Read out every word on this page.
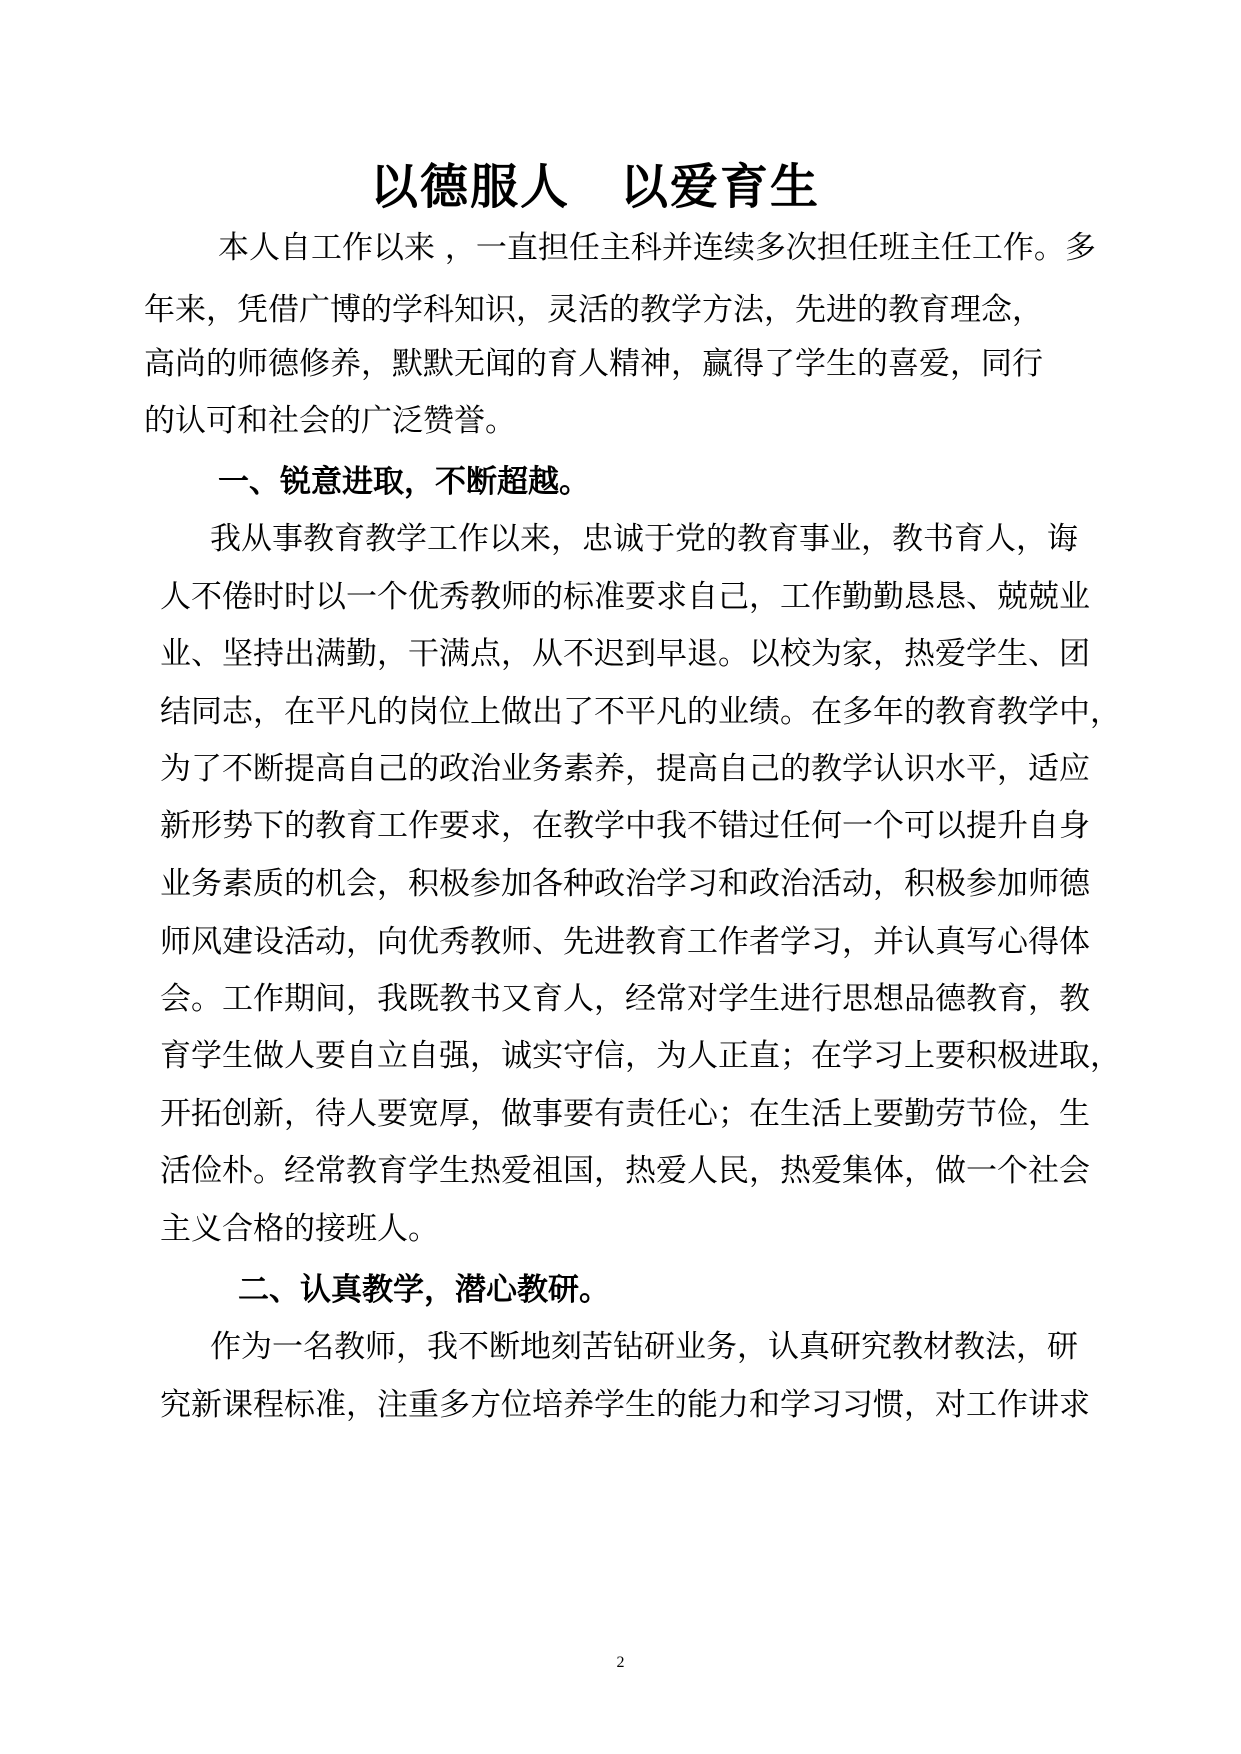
以德服人　以爱育生
本人自工作以来 ，一直担任主科并连续多次担任班主任工作。多
年来，凭借广博的学科知识，灵活的教学方法，先进的教育理念，
高尚的师德修养，默默无闻的育人精神，赢得了学生的喜爱，同行
的认可和社会的广泛赞誉。
一、锐意进取，不断超越。
我从事教育教学工作以来，忠诚于党的教育事业，教书育人，诲
人不倦时时以一个优秀教师的标准要求自己，工作勤勤恳恳、兢兢业
业、坚持出满勤，干满点，从不迟到早退。以校为家，热爱学生、团
结同志，在平凡的岗位上做出了不平凡的业绩。在多年的教育教学中，
为了不断提高自己的政治业务素养，提高自己的教学认识水平，适应
新形势下的教育工作要求，在教学中我不错过任何一个可以提升自身
业务素质的机会，积极参加各种政治学习和政治活动，积极参加师德
师风建设活动，向优秀教师、先进教育工作者学习，并认真写心得体
会。工作期间，我既教书又育人，经常对学生进行思想品德教育，教
育学生做人要自立自强，诚实守信，为人正直；在学习上要积极进取，
开拓创新，待人要宽厚，做事要有责任心；在生活上要勤劳节俭，生
活俭朴。经常教育学生热爱祖国，热爱人民，热爱集体，做一个社会
主义合格的接班人。
二、认真教学，潜心教研。
作为一名教师，我不断地刻苦钻研业务，认真研究教材教法，研
究新课程标准，注重多方位培养学生的能力和学习习惯，对工作讲求
2
